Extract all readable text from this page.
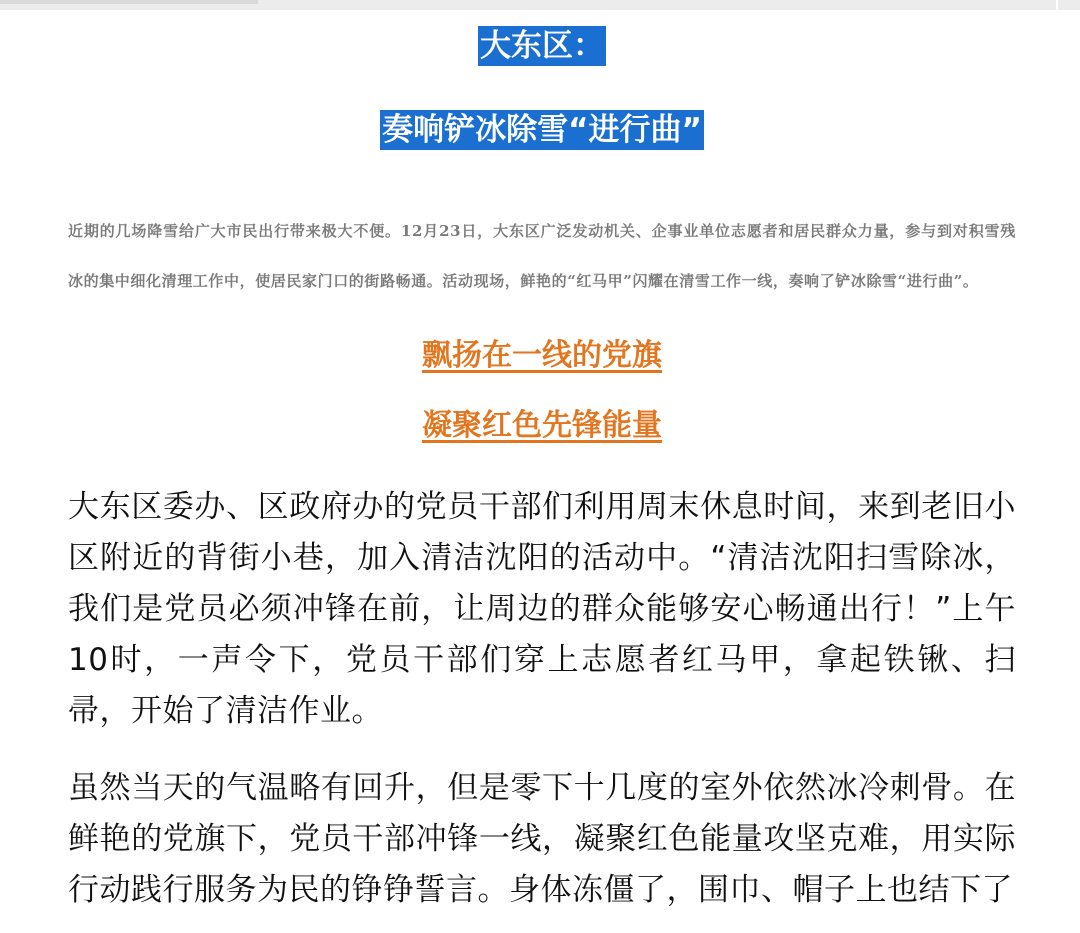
大东区：
奏响铲冰除雪“进行曲”

近期的几场降雪给广大市民出行带来极大不便。12月23日，大东区广泛发动机关、企事业单位志愿者和居民群众力量，参与到对积雪残冰的集中细化清理工作中，使居民家门口的街路畅通。活动现场，鲜艳的“红马甲”闪耀在清雪工作一线，奏响了铲冰除雪“进行曲”。

飘扬在一线的党旗
凝聚红色先锋能量

大东区委办、区政府办的党员干部们利用周末休息时间，来到老旧小区附近的背街小巷，加入清洁沈阳的活动中。“清洁沈阳扫雪除冰，我们是党员必须冲锋在前，让周边的群众能够安心畅通出行！”上午10时，一声令下，党员干部们穿上志愿者红马甲，拿起铁锹、扫帚，开始了清洁作业。

虽然当天的气温略有回升，但是零下十几度的室外依然冰冷刺骨。在鲜艳的党旗下，党员干部冲锋一线，凝聚红色能量攻坚克难，用实际行动践行服务为民的铮铮誓言。身体冻僵了，围巾、帽子上也结下了
